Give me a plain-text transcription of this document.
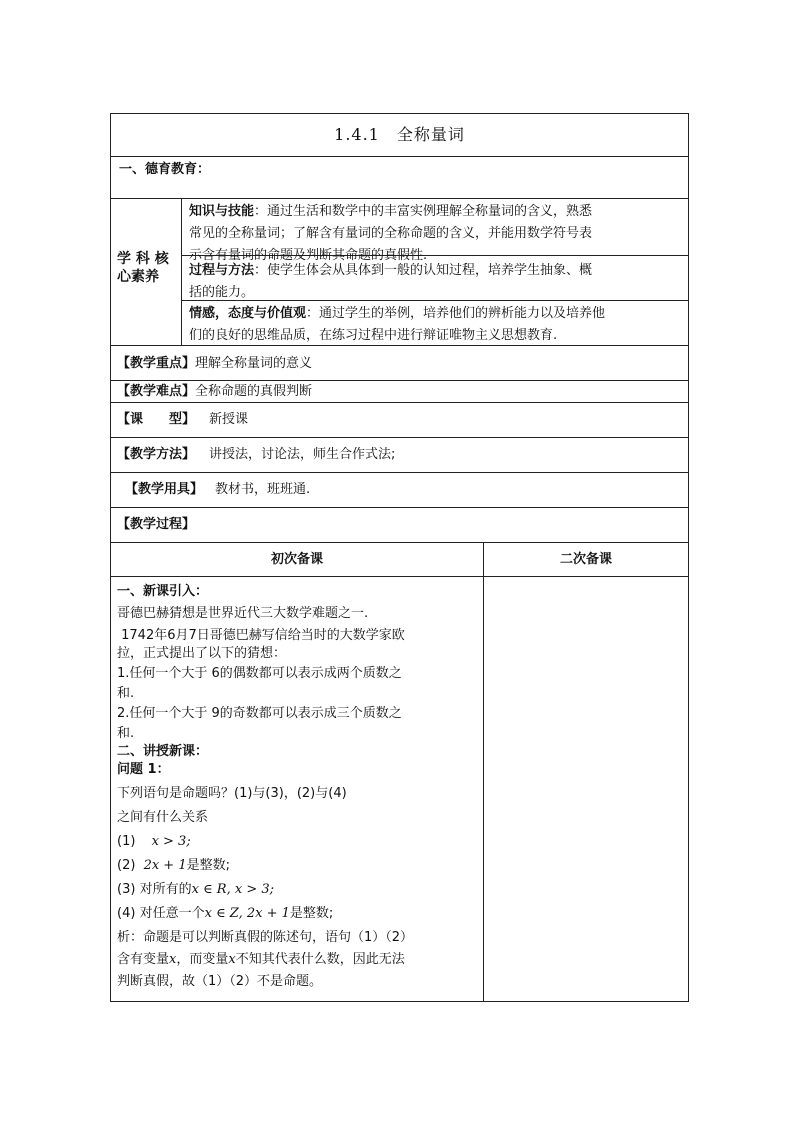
1.4.1　全称量词
一、德育教育：
学 科 核
心素养
知识与技能：通过生活和数学中的丰富实例理解全称量词的含义，熟悉
常见的全称量词；了解含有量词的全称命题的含义，并能用数学符号表
示含有量词的命题及判断其命题的真假性.
过程与方法：使学生体会从具体到一般的认知过程，培养学生抽象、概
括的能力。
情感，态度与价值观：通过学生的举例，培养他们的辨析能力以及培养他
们的良好的思维品质，在练习过程中进行辩证唯物主义思想教育.
【教学重点】理解全称量词的意义
【教学难点】全称命题的真假判断
【课　　型】 新授课
【教学方法】 讲授法，讨论法，师生合作式法;
【教学用具】 教材书，班班通.
【教学过程】
初次备课	二次备课
一、新课引入：
哥德巴赫猜想是世界近代三大数学难题之一.
1742年6月7日哥德巴赫写信给当时的大数学家欧
拉，正式提出了以下的猜想：
1.任何一个大于 6的偶数都可以表示成两个质数之
和.
2.任何一个大于 9的奇数都可以表示成三个质数之
和.
二、讲授新课：
问题 1：
下列语句是命题吗？(1)与(3)，(2)与(4)
之间有什么关系
(1) x > 3;
(2) 2x + 1是整数;
(3) 对所有的x ∈ R, x > 3;
(4) 对任意一个x ∈ Z, 2x + 1是整数;
析：命题是可以判断真假的陈述句，语句（1）（2）
含有变量x，而变量x不知其代表什么数，因此无法
判断真假，故（1）（2）不是命题。
